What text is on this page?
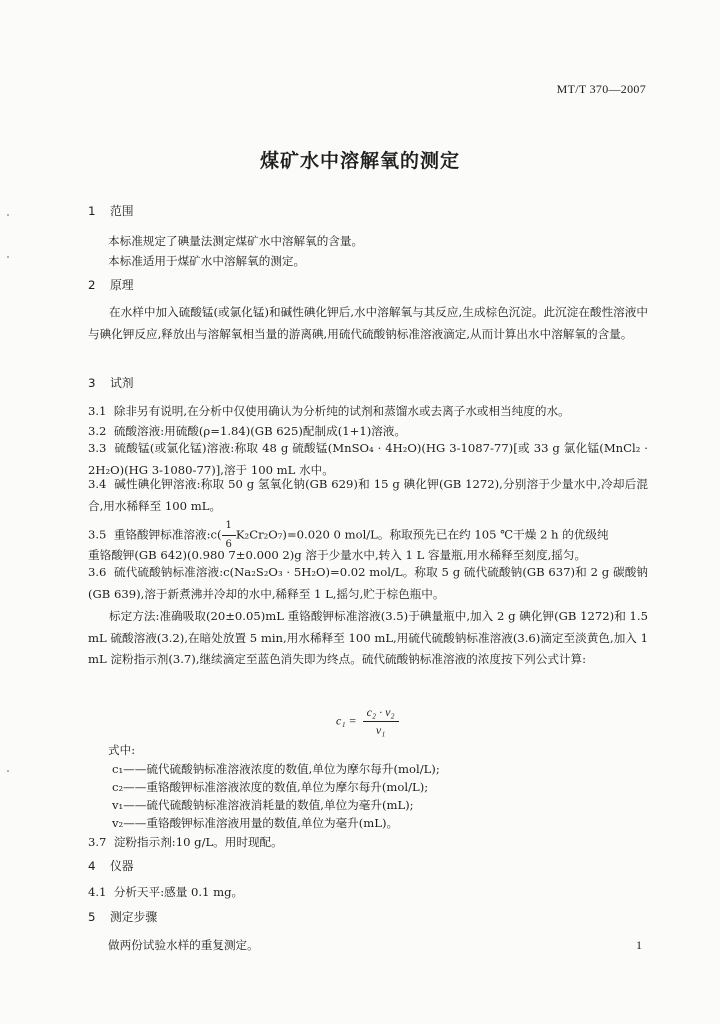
MT/T 370—2007
煤矿水中溶解氧的测定
1 范围
本标准规定了碘量法测定煤矿水中溶解氧的含量。
本标准适用于煤矿水中溶解氧的测定。
2 原理
在水样中加入硫酸锰(或氯化锰)和碱性碘化钾后,水中溶解氧与其反应,生成棕色沉淀。此沉淀在酸性溶液中与碘化钾反应,释放出与溶解氧相当量的游离碘,用硫代硫酸钠标准溶液滴定,从而计算出水中溶解氧的含量。
3 试剂
3.1 除非另有说明,在分析中仅使用确认为分析纯的试剂和蒸馏水或去离子水或相当纯度的水。
3.2 硫酸溶液:用硫酸(ρ=1.84)(GB 625)配制成(1+1)溶液。
3.3 硫酸锰(或氯化锰)溶液:称取 48 g 硫酸锰(MnSO₄ · 4H₂O)(HG 3-1087-77)[或 33 g 氯化锰(MnCl₂ · 2H₂O)(HG 3-1080-77)],溶于 100 mL 水中。
3.4 碱性碘化钾溶液:称取 50 g 氢氧化钠(GB 629)和 15 g 碘化钾(GB 1272),分别溶于少量水中,冷却后混合,用水稀释至 100 mL。
3.5 重铬酸钾标准溶液:c( $\frac{1}{6} K_2Cr_2O_7)=0.020$ 0 mol/L。称取预先已在约 105 ℃干燥 2 h 的优级纯
重铬酸钾(GB 642)(0.980 7±0.000 2)g 溶于少量水中,转入 1 L 容量瓶,用水稀释至刻度,摇匀。
3.6 硫代硫酸钠标准溶液:c(Na₂S₂O₃ · 5H₂O)=0.02 mol/L。称取 5 g 硫代硫酸钠(GB 637)和 2 g 碳酸钠(GB 639),溶于新煮沸并冷却的水中,稀释至 1 L,摇匀,贮于棕色瓶中。
标定方法:准确吸取(20±0.05)mL 重铬酸钾标准溶液(3.5)于碘量瓶中,加入 2 g 碘化钾(GB 1272)和 1.5 mL 硫酸溶液(3.2),在暗处放置 5 min,用水稀释至 100 mL,用硫代硫酸钠标准溶液(3.6)滴定至淡黄色,加入 1 mL 淀粉指示剂(3.7),继续滴定至蓝色消失即为终点。硫代硫酸钠标准溶液的浓度按下列公式计算:
$c_1 = \frac{\text{c₂ · v₂}}{\text{v₁}}$
式中:
c₁——硫代硫酸钠标准溶液浓度的数值,单位为摩尔每升(mol/L);
c₂——重铬酸钾标准溶液浓度的数值,单位为摩尔每升(mol/L);
v₁——硫代硫酸钠标准溶液消耗量的数值,单位为毫升(mL);
v₂——重铬酸钾标准溶液用量的数值,单位为毫升(mL)。
3.7 淀粉指示剂:10 g/L。用时现配。
4 仪器
4.1 分析天平:感量 0.1 mg。
5 测定步骤
做两份试验水样的重复测定。	1
